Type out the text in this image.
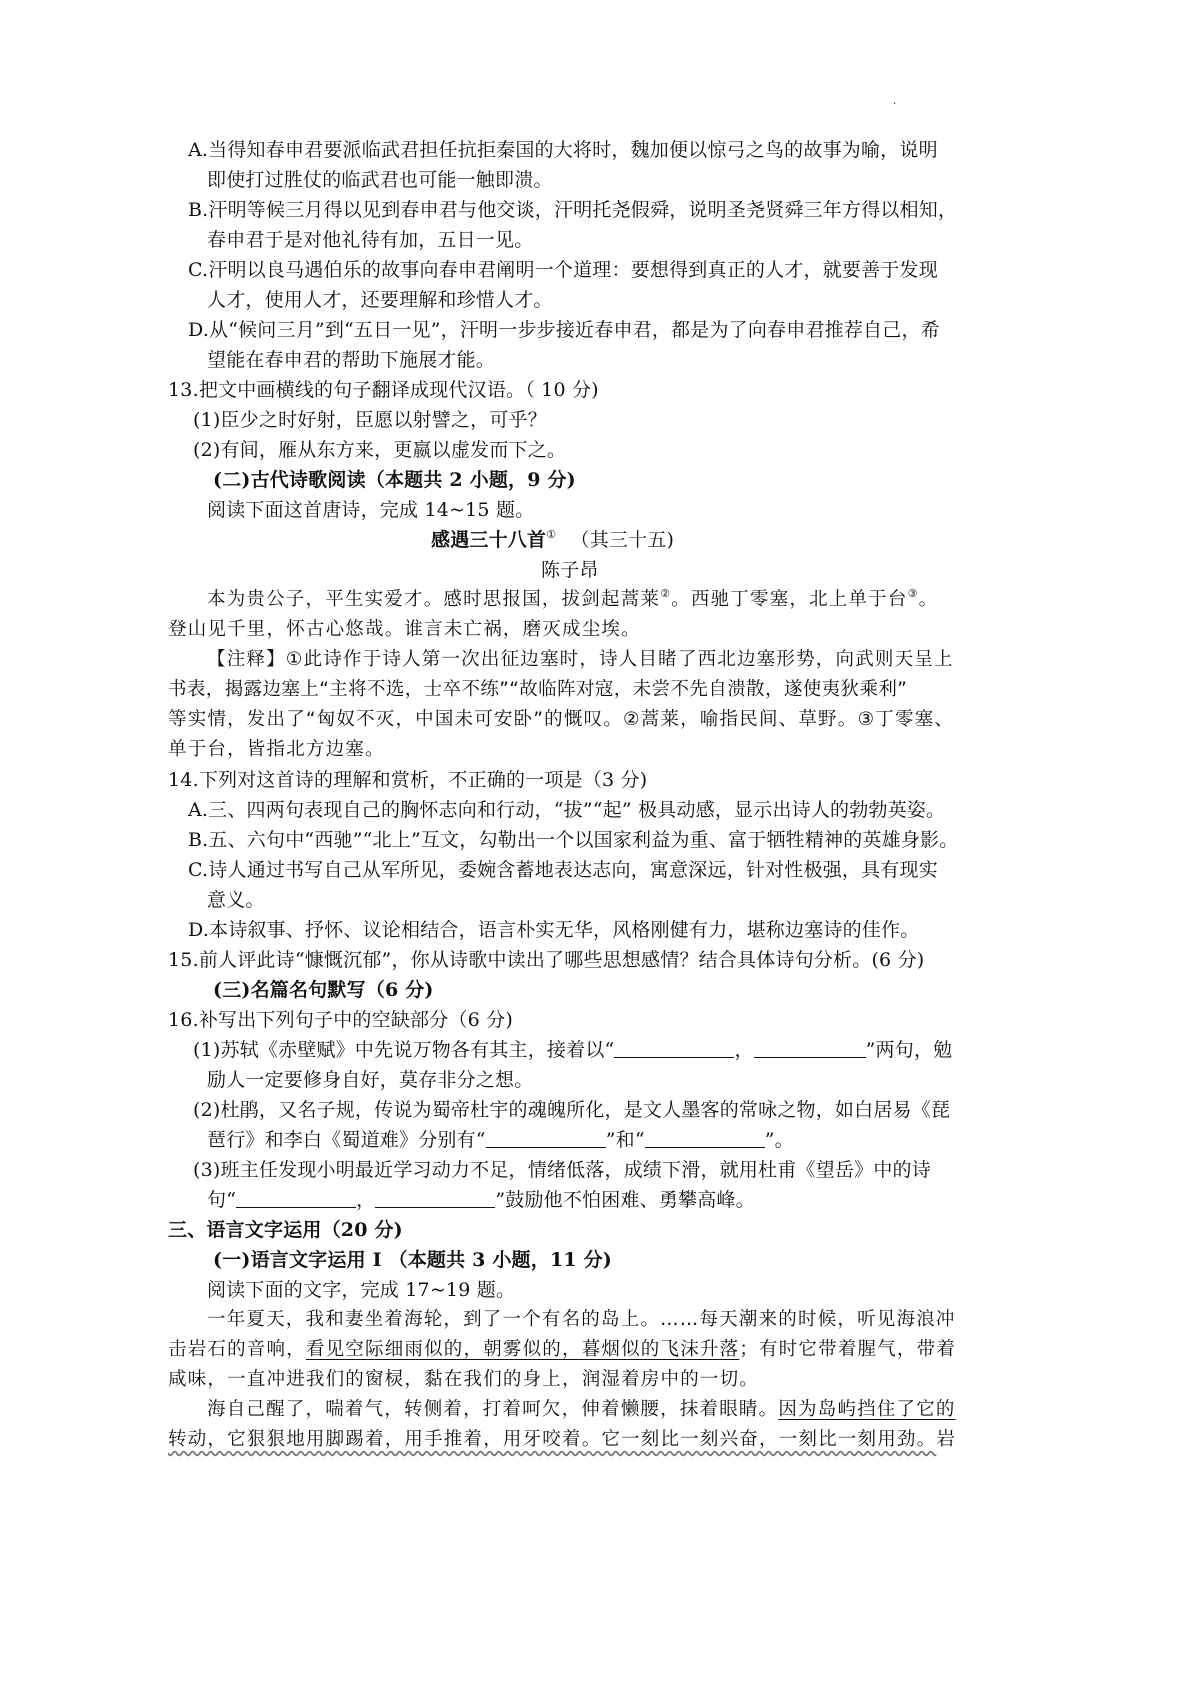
.
A.当得知春申君要派临武君担任抗拒秦国的大将时，魏加便以惊弓之鸟的故事为喻，说明
即使打过胜仗的临武君也可能一触即溃。
B.汗明等候三月得以见到春申君与他交谈，汗明托尧假舜，说明圣尧贤舜三年方得以相知，
春申君于是对他礼待有加，五日一见。
C.汗明以良马遇伯乐的故事向春申君阐明一个道理：要想得到真正的人才，就要善于发现
人才，使用人才，还要理解和珍惜人才。
D.从“候问三月”到“五日一见”，汗明一步步接近春申君，都是为了向春申君推荐自己，希
望能在春申君的帮助下施展才能。
13.把文中画横线的句子翻译成现代汉语。（ 10 分)
(1)臣少之时好射，臣愿以射譬之，可乎？
(2)有间，雁从东方来，更嬴以虚发而下之。
(二)古代诗歌阅读（本题共 2 小题，9 分)
阅读下面这首唐诗，完成 14~15 题。
感遇三十八首① （其三十五)
陈子昂
本为贵公子，平生实爱才。感时思报国，拔剑起蒿莱②。西驰丁零塞，北上单于台③。
登山见千里，怀古心悠哉。谁言未亡祸，磨灭成尘埃。
【注释】①此诗作于诗人第一次出征边塞时，诗人目睹了西北边塞形势，向武则天呈上
书表，揭露边塞上“主将不选，士卒不练”“故临阵对寇，未尝不先自溃散，遂使夷狄乘利”
等实情，发出了“匈奴不灭，中国未可安卧”的慨叹。②蒿莱，喻指民间、草野。③丁零塞、
单于台，皆指北方边塞。
14.下列对这首诗的理解和赏析，不正确的一项是（3 分)
A.三、四两句表现自己的胸怀志向和行动，“拔”“起” 极具动感，显示出诗人的勃勃英姿。
B.五、六句中“西驰”“北上”互文，勾勒出一个以国家利益为重、富于牺牲精神的英雄身影。
C.诗人通过书写自己从军所见，委婉含蓄地表达志向，寓意深远，针对性极强，具有现实
意义。
D.本诗叙事、抒怀、议论相结合，语言朴实无华，风格刚健有力，堪称边塞诗的佳作。
15.前人评此诗“慷慨沉郁”，你从诗歌中读出了哪些思想感情？结合具体诗句分析。(6 分)
(三)名篇名句默写（6 分)
16.补写出下列句子中的空缺部分（6 分)
(1)苏轼《赤壁赋》中先说万物各有其主，接着以“	，	”两句，勉
励人一定要修身自好，莫存非分之想。
(2)杜鹃，又名子规，传说为蜀帝杜宇的魂魄所化，是文人墨客的常咏之物，如白居易《琵
琶行》和李白《蜀道难》分别有“	”和“	”。
(3)班主任发现小明最近学习动力不足，情绪低落，成绩下滑，就用杜甫《望岳》中的诗
句“	，	”鼓励他不怕困难、勇攀高峰。
三、语言文字运用（20 分)
(一)语言文字运用 I （本题共 3 小题，11 分)
阅读下面的文字，完成 17~19 题。
一年夏天，我和妻坐着海轮，到了一个有名的岛上。……每天潮来的时候，听见海浪冲
击岩石的音响，看见空际细雨似的，朝雾似的，暮烟似的飞沫升落；有时它带着腥气，带着
咸味，一直冲进我们的窗棂，黏在我们的身上，润湿着房中的一切。
海自己醒了，喘着气，转侧着，打着呵欠，伸着懒腰，抹着眼睛。因为岛屿挡住了它的
转动，它狠狠地用脚踢着，用手推着，用牙咬着。它一刻比一刻兴奋，一刻比一刻用劲。岩
